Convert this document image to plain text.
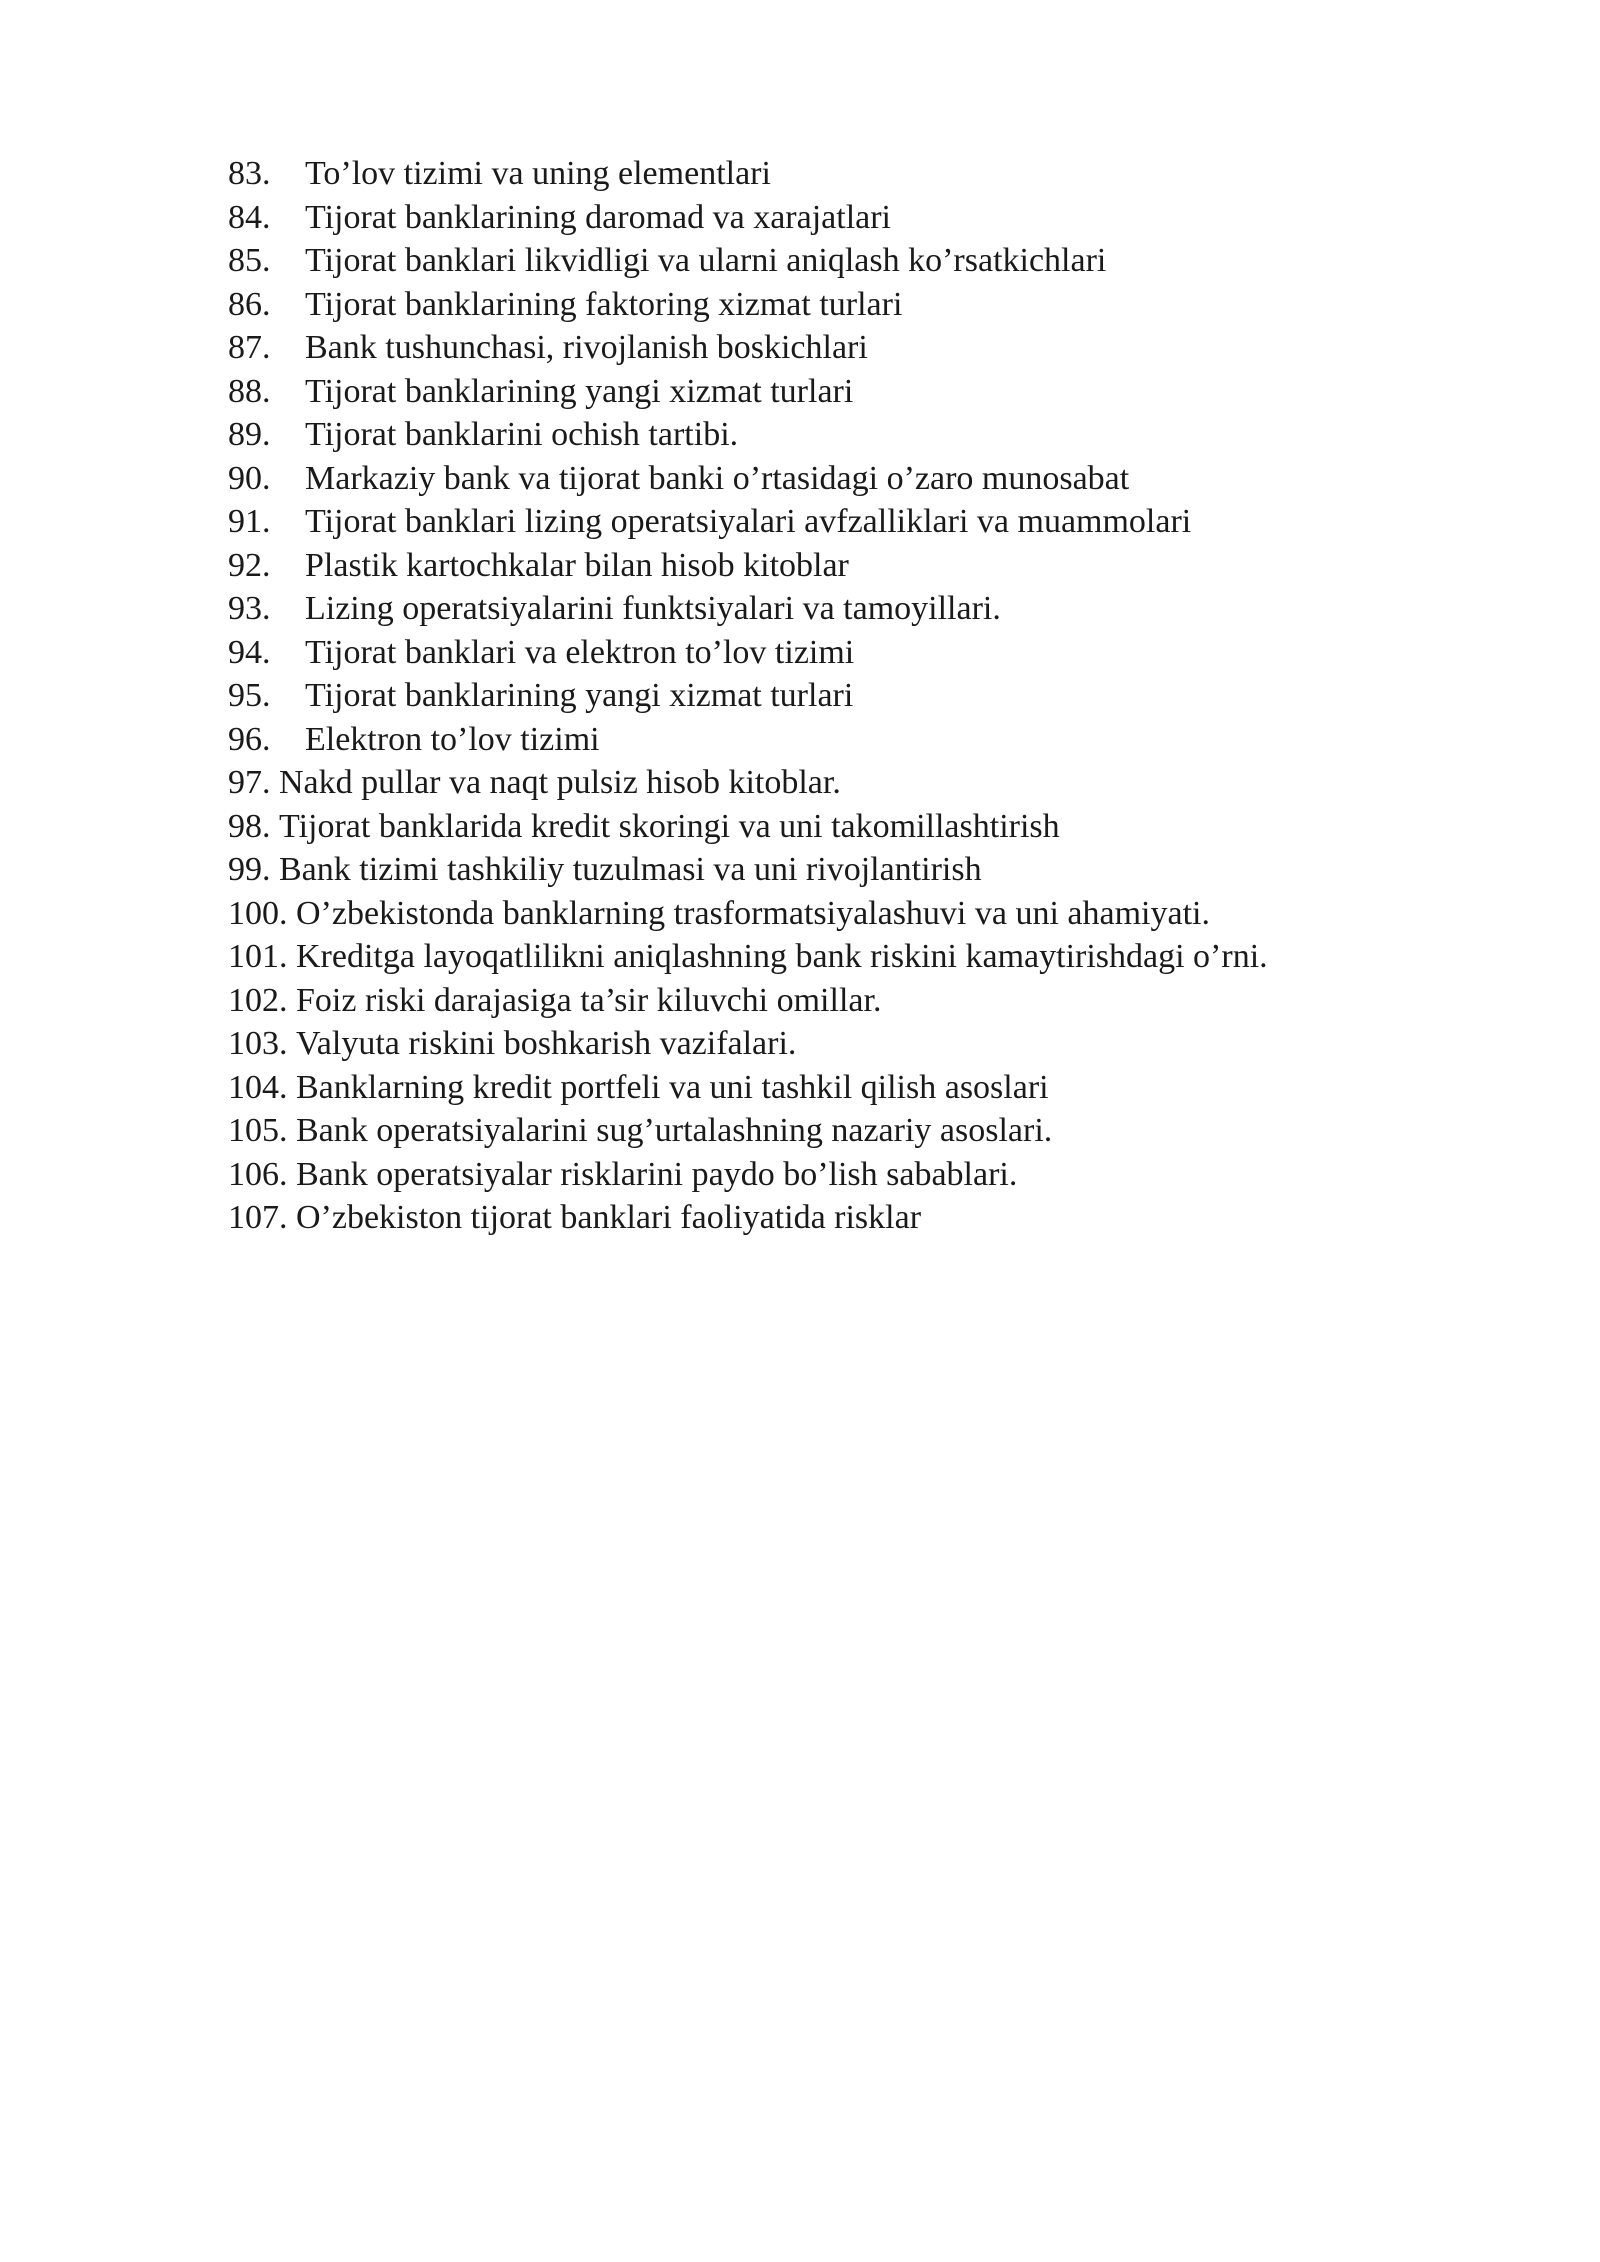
83.	To’lov tizimi va uning elementlari
84.	Tijorat banklarining daromad va xarajatlari
85.	Tijorat banklari likvidligi va ularni aniqlash ko’rsatkichlari
86.	Tijorat banklarining faktoring xizmat turlari
87.	Bank tushunchasi, rivojlanish boskichlari
88.	Tijorat banklarining yangi xizmat turlari
89.	Tijorat banklarini ochish tartibi.
90.	Markaziy bank va tijorat banki o’rtasidagi o’zaro munosabat
91.	Tijorat banklari lizing operatsiyalari avfzalliklari va muammolari
92.	Plastik kartochkalar bilan hisob kitoblar
93.	Lizing operatsiyalarini funktsiyalari va tamoyillari.
94.	Tijorat banklari va elektron to’lov tizimi
95.	Tijorat banklarining yangi xizmat turlari
96.	Elektron to’lov tizimi
97. Nakd pullar va naqt pulsiz hisob kitoblar.
98. Tijorat banklarida kredit skoringi va uni takomillashtirish
99. Bank tizimi tashkiliy tuzulmasi va uni rivojlantirish
100. O’zbekistonda banklarning trasformatsiyalashuvi va uni ahamiyati.
101. Kreditga layoqatlilikni aniqlashning bank riskini kamaytirishdagi o’rni.
102. Foiz riski darajasiga ta’sir kiluvchi omillar.
103. Valyuta riskini boshkarish vazifalari.
104. Banklarning kredit portfeli va uni tashkil qilish asoslari
105. Bank operatsiyalarini sug’urtalashning nazariy asoslari.
106. Bank operatsiyalar risklarini paydo bo’lish sabablari.
107. O’zbekiston tijorat banklari faoliyatida risklar
